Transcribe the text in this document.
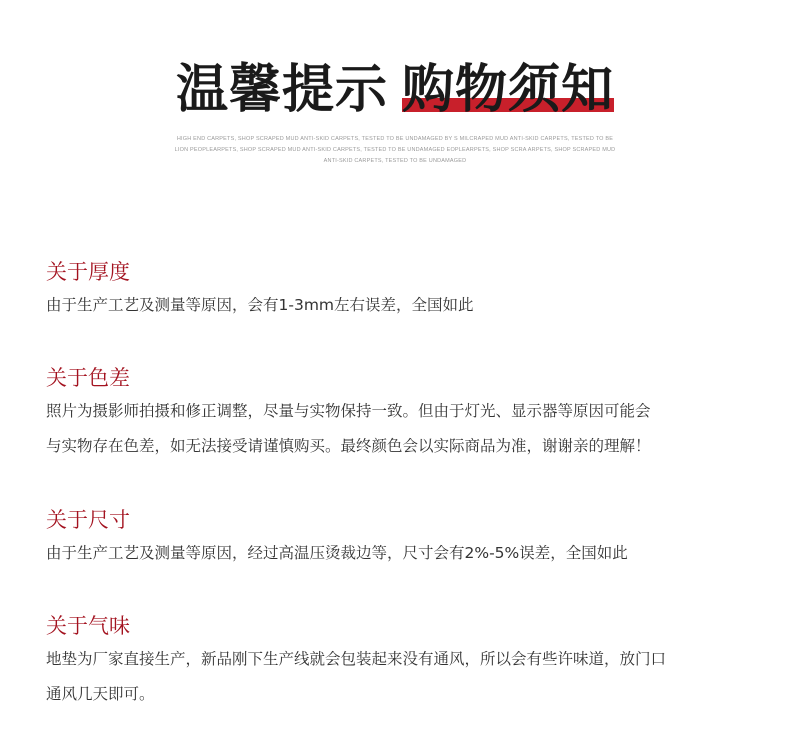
温馨提示 购物须知
HIGH END CARPETS, SHOP SCRAPED MUD ANTI-SKID CARPETS, TESTED TO BE UNDAMAGED BY S MILCRAPED MUD ANTI-SKID CARPETS, TESTED TO BE LION PEOPLEARPETS, SHOP SCRAPED MUD ANTI-SKID CARPETS, TESTED TO BE UNDAMAGED EOPLEARPETS, SHOP SCRA ARPETS, SHOP SCRAPED MUD ANTI-SKID CARPETS, TESTED TO BE UNDAMAGED
关于厚度
由于生产工艺及测量等原因，会有1-3mm左右误差，全国如此
关于色差
照片为摄影师拍摄和修正调整，尽量与实物保持一致。但由于灯光、显示器等原因可能会
与实物存在色差，如无法接受请谨慎购买。最终颜色会以实际商品为准，谢谢亲的理解！
关于尺寸
由于生产工艺及测量等原因，经过高温压烫裁边等，尺寸会有2%-5%误差，全国如此
关于气味
地垫为厂家直接生产，新品刚下生产线就会包装起来没有通风，所以会有些许味道，放门口
通风几天即可。
